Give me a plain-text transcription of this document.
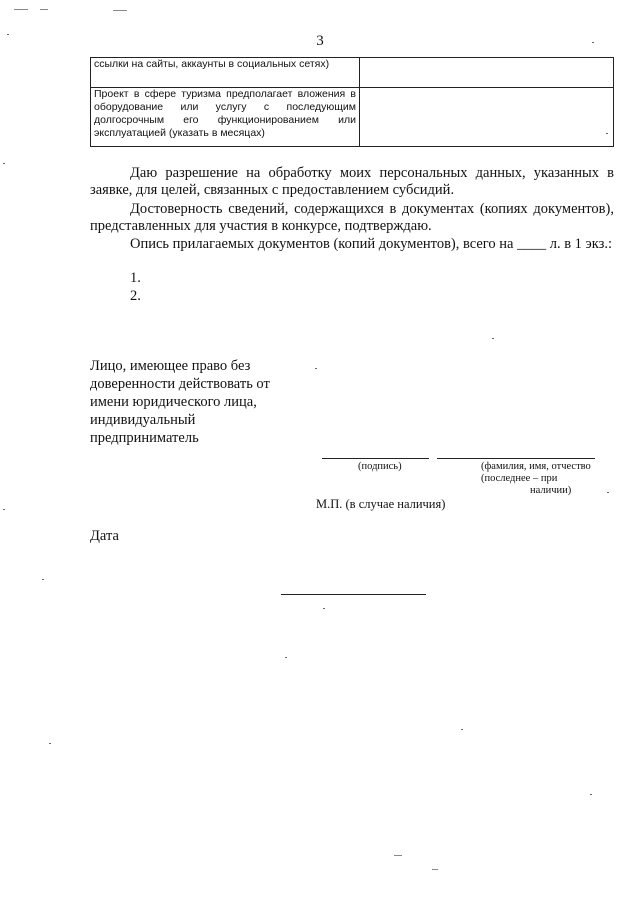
3
ссылки на сайты, аккаунты в социальных сетях)	
Проект в сфере туризма предполагает вложения в оборудование или услугу с последующим долгосрочным его функционированием или эксплуатацией (указать в месяцах)	
Даю разрешение на обработку моих персональных данных, указанных в заявке, для целей, связанных с предоставлением субсидий.
Достоверность сведений, содержащихся в документах (копиях документов), представленных для участия в конкурсе, подтверждаю.
Опись прилагаемых документов (копий документов), всего на ____ л. в 1 экз.:
1.
2.
Лицо, имеющее право без доверенности действовать от имени юридического лица, индивидуальный предприниматель
(подпись)	(фамилия, имя, отчество
(последнее – при
наличии)
М.П. (в случае наличия)
Дата
